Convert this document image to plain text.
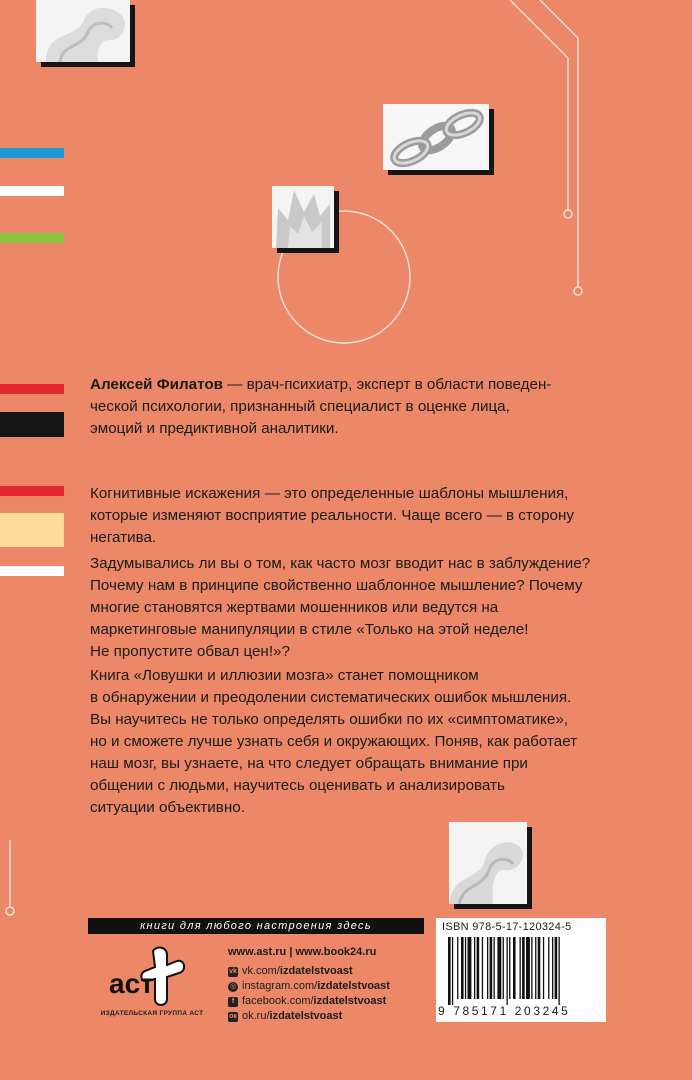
Алексей Филатов — врач-психиатр, эксперт в области поведен-

ческой психологии, признанный специалист в оценке лица,

эмоций и предиктивной аналитики.

Когнитивные искажения — это определенные шаблоны мышления,

которые изменяют восприятие реальности. Чаще всего — в сторону

негатива.

Задумывались ли вы о том, как часто мозг вводит нас в заблуждение?

Почему нам в принципе свойственно шаблонное мышление? Почему

многие становятся жертвами мошенников или ведутся на

маркетинговые манипуляции в стиле «Только на этой неделе!

Не пропустите обвал цен!»?

Книга «Ловушки и иллюзии мозга» станет помощником

в обнаружении и преодолении систематических ошибок мышления.

Вы научитесь не только определять ошибки по их «симптоматике»,

но и сможете лучше узнать себя и окружающих. Поняв, как работает

наш мозг, вы узнаете, на что следует обращать внимание при

общении с людьми, научитесь оценивать и анализировать

ситуации объективно.

книги для любого настроения здесь
аст
ИЗДАТЕЛЬСКАЯ ГРУППА АСТ
www.ast.ru | www.book24.ru
vk vk.com/ izdatelstvoast
◎ instagram.com/ izdatelstvoast
f facebook.com/ izdatelstvoast
ок ok.ru/ izdatelstvoast
ISBN 978-5-17-120324-5
9 785171 203245
